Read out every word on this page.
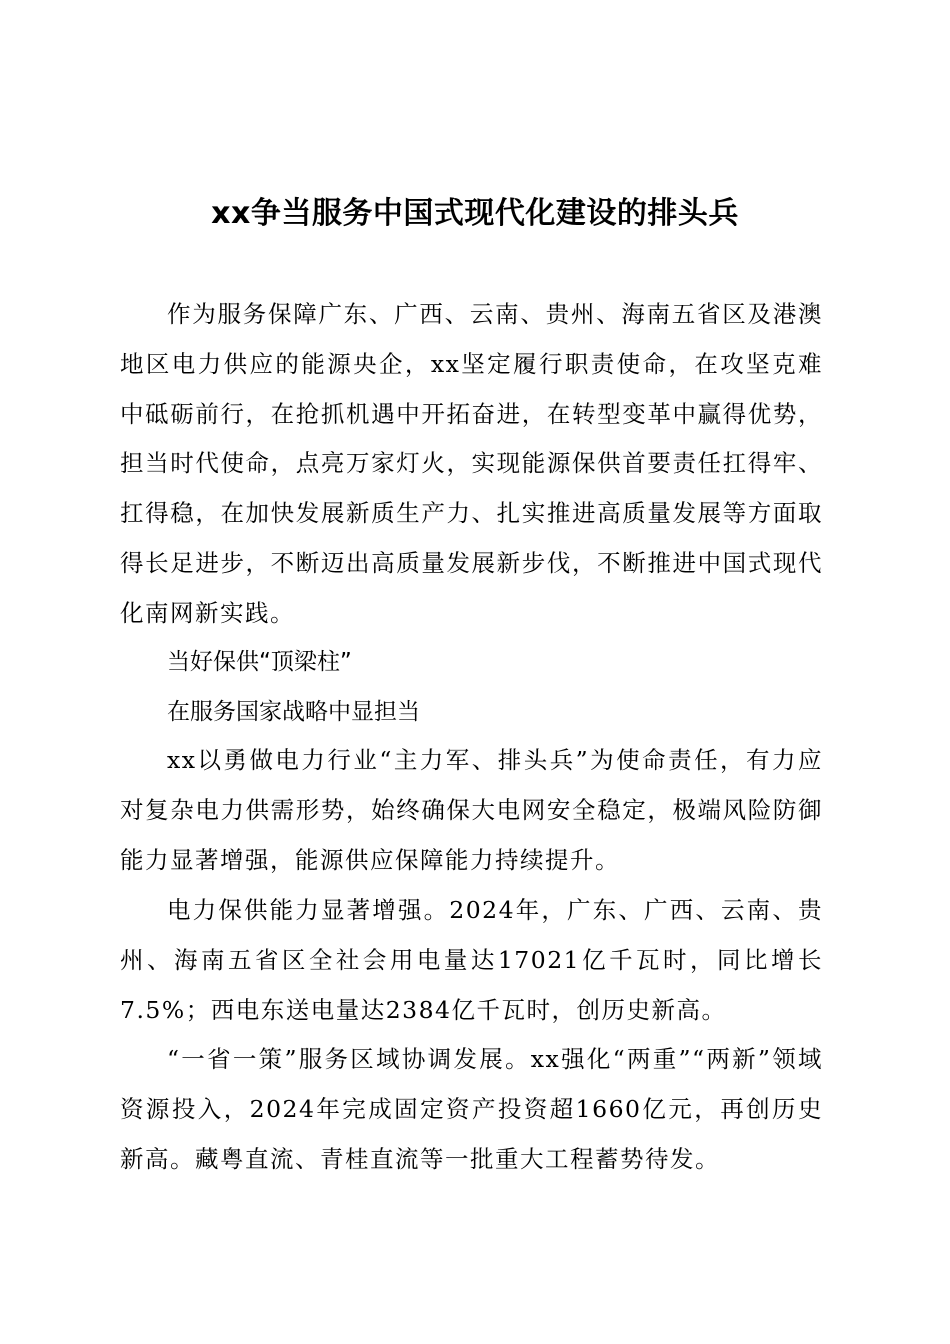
xx争当服务中国式现代化建设的排头兵
作为服务保障广东、广西、云南、贵州、海南五省区及港澳地区电力供应的能源央企，xx坚定履行职责使命，在攻坚克难中砥砺前行，在抢抓机遇中开拓奋进，在转型变革中赢得优势，担当时代使命，点亮万家灯火，实现能源保供首要责任扛得牢、扛得稳，在加快发展新质生产力、扎实推进高质量发展等方面取得长足进步，不断迈出高质量发展新步伐，不断推进中国式现代化南网新实践。
当好保供“顶梁柱”
在服务国家战略中显担当
xx以勇做电力行业“主力军、排头兵”为使命责任，有力应对复杂电力供需形势，始终确保大电网安全稳定，极端风险防御能力显著增强，能源供应保障能力持续提升。
电力保供能力显著增强。2024年，广东、广西、云南、贵州、海南五省区全社会用电量达17021亿千瓦时，同比增长7.5%；西电东送电量达2384亿千瓦时，创历史新高。
“一省一策”服务区域协调发展。xx强化“两重”“两新”领域资源投入，2024年完成固定资产投资超1660亿元，再创历史新高。藏粤直流、青桂直流等一批重大工程蓄势待发。
